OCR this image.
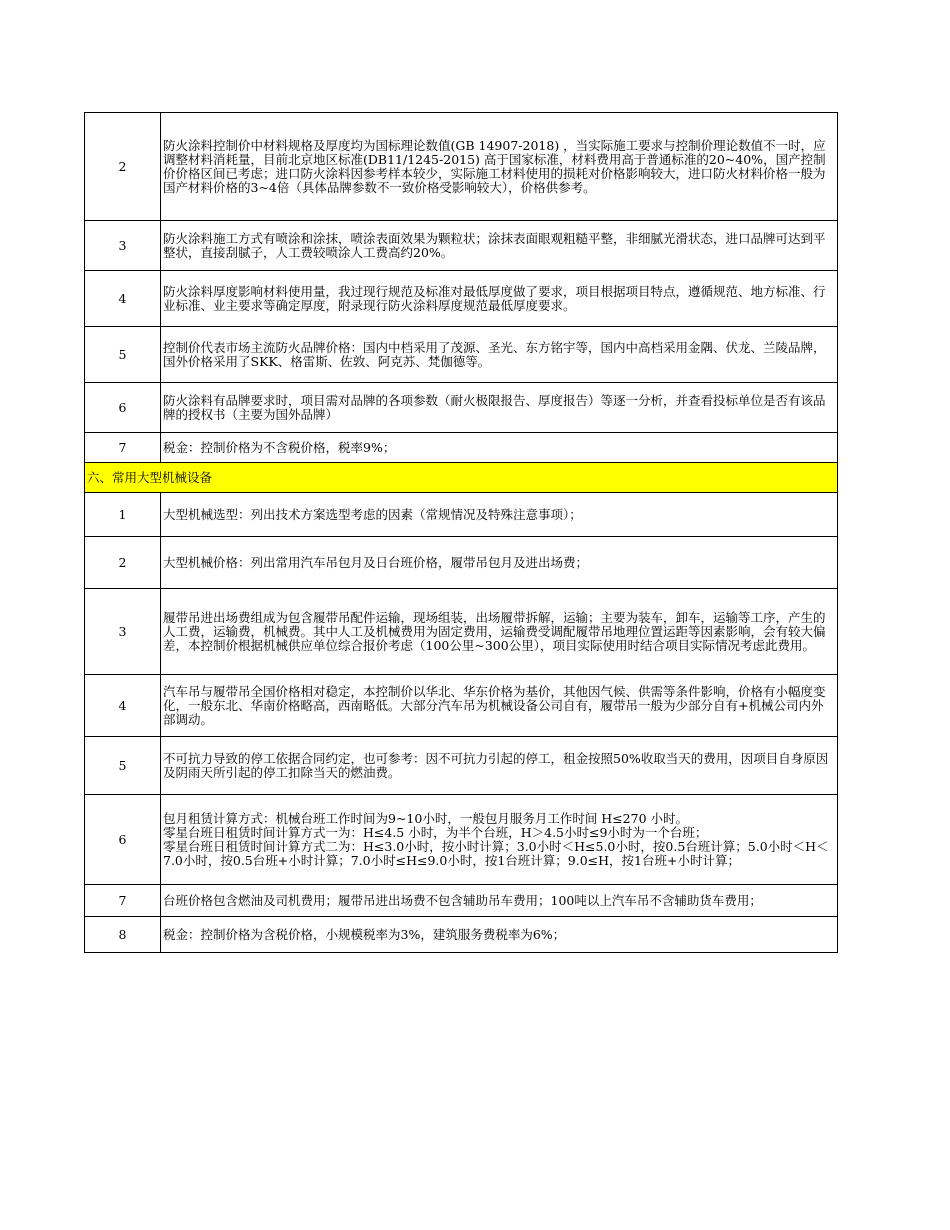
2	防火涂料控制价中材料规格及厚度均为国标理论数值(GB 14907-2018) ，当实际施工要求与控制价理论数值不一时，应调整材料消耗量，目前北京地区标准(DB11/1245-2015) 高于国家标准，材料费用高于普通标准的20~40%，国产控制价价格区间已考虑；进口防火涂料因参考样本较少，实际施工材料使用的损耗对价格影响较大，进口防火材料价格一般为国产材料价格的3~4倍（具体品牌参数不一致价格受影响较大），价格供参考。
3	防火涂料施工方式有喷涂和涂抹，喷涂表面效果为颗粒状；涂抹表面眼观粗糙平整，非细腻光滑状态，进口品牌可达到平整状，直接刮腻子，人工费较喷涂人工费高约20%。
4	防火涂料厚度影响材料使用量，我过现行规范及标准对最低厚度做了要求，项目根据项目特点，遵循规范、地方标准、行业标准、业主要求等确定厚度，附录现行防火涂料厚度规范最低厚度要求。
5	控制价代表市场主流防火品牌价格：国内中档采用了茂源、圣光、东方铭宇等，国内中高档采用金隅、伏龙、兰陵品牌，国外价格采用了SKK、格雷斯、佐敦、阿克苏、梵伽德等。
6	防火涂料有品牌要求时，项目需对品牌的各项参数（耐火极限报告、厚度报告）等逐一分析，并查看投标单位是否有该品牌的授权书（主要为国外品牌）
7	税金：控制价格为不含税价格，税率9%；
六、常用大型机械设备	
1	大型机械选型：列出技术方案选型考虑的因素（常规情况及特殊注意事项）；
2	大型机械价格：列出常用汽车吊包月及日台班价格，履带吊包月及进出场费；
3	履带吊进出场费组成为包含履带吊配件运输，现场组装，出场履带拆解，运输；主要为装车，卸车，运输等工序，产生的人工费，运输费，机械费。其中人工及机械费用为固定费用，运输费受调配履带吊地理位置运距等因素影响，会有较大偏差，本控制价根据机械供应单位综合报价考虑（100公里~300公里），项目实际使用时结合项目实际情况考虑此费用。
4	汽车吊与履带吊全国价格相对稳定，本控制价以华北、华东价格为基价，其他因气候、供需等条件影响，价格有小幅度变化，一般东北、华南价格略高，西南略低。大部分汽车吊为机械设备公司自有，履带吊一般为少部分自有+机械公司内外部调动。
5	不可抗力导致的停工依据合同约定，也可参考：因不可抗力引起的停工，租金按照50%收取当天的费用，因项目自身原因及阴雨天所引起的停工扣除当天的燃油费。
6	包月租赁计算方式：机械台班工作时间为9~10小时，一般包月服务月工作时间 H≤270 小时。
零星台班日租赁时间计算方式一为：H≤4.5 小时，为半个台班，H＞4.5小时≤9小时为一个台班；
零星台班日租赁时间计算方式二为：H≤3.0小时，按小时计算；3.0小时＜H≤5.0小时，按0.5台班计算；5.0小时＜H＜7.0小时，按0.5台班+小时计算；7.0小时≤H≤9.0小时，按1台班计算；9.0≤H，按1台班+小时计算；

7	台班价格包含燃油及司机费用；履带吊进出场费不包含辅助吊车费用；100吨以上汽车吊不含辅助货车费用；
8	税金：控制价格为含税价格，小规模税率为3%，建筑服务费税率为6%；
